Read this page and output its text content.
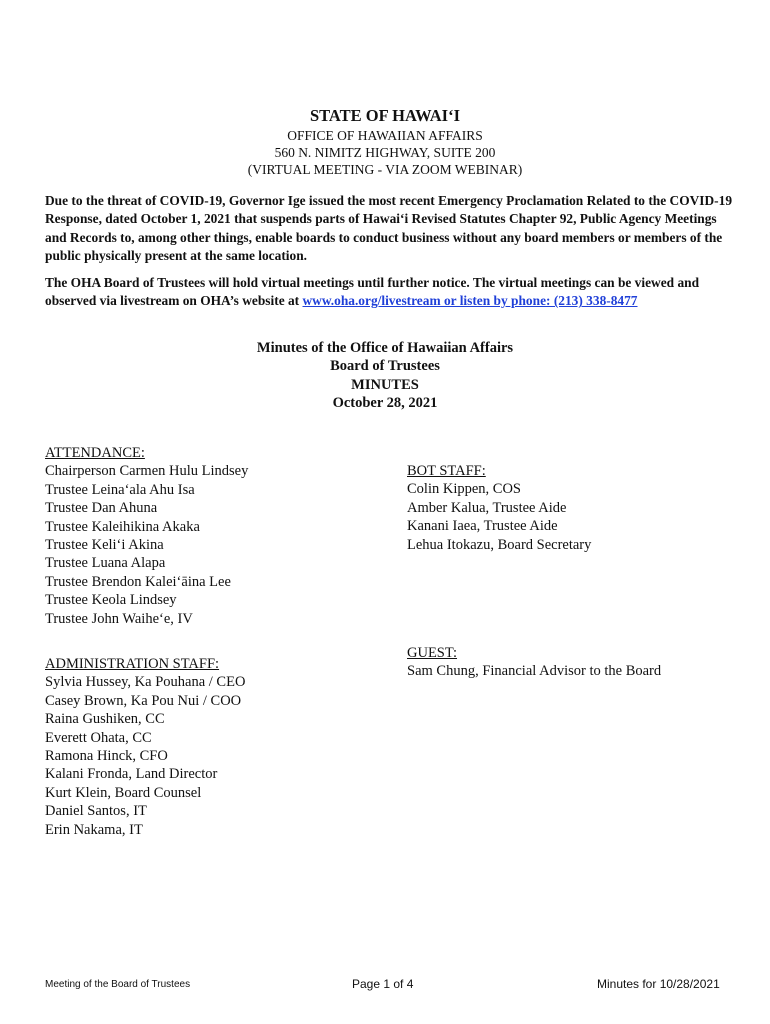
STATE OF HAWAI‘I
OFFICE OF HAWAIIAN AFFAIRS
560 N. NIMITZ HIGHWAY, SUITE 200
(VIRTUAL MEETING - VIA ZOOM WEBINAR)
Due to the threat of COVID-19, Governor Ige issued the most recent Emergency Proclamation Related to the COVID-19 Response, dated October 1, 2021 that suspends parts of Hawai‘i Revised Statutes Chapter 92, Public Agency Meetings and Records to, among other things, enable boards to conduct business without any board members or members of the public physically present at the same location.
The OHA Board of Trustees will hold virtual meetings until further notice. The virtual meetings can be viewed and observed via livestream on OHA’s website at www.oha.org/livestream or listen by phone: (213) 338-8477
Minutes of the Office of Hawaiian Affairs
Board of Trustees
MINUTES
October 28, 2021
ATTENDANCE:
Chairperson Carmen Hulu Lindsey
Trustee Leina‘ala Ahu Isa
Trustee Dan Ahuna
Trustee Kaleihikina Akaka
Trustee Keli‘i Akina
Trustee Luana Alapa
Trustee Brendon Kalei‘āina Lee
Trustee Keola Lindsey
Trustee John Waihe‘e, IV
BOT STAFF:
Colin Kippen, COS
Amber Kalua, Trustee Aide
Kanani Iaea, Trustee Aide
Lehua Itokazu, Board Secretary
GUEST:
Sam Chung, Financial Advisor to the Board
ADMINISTRATION STAFF:
Sylvia Hussey, Ka Pouhana / CEO
Casey Brown, Ka Pou Nui / COO
Raina Gushiken, CC
Everett Ohata, CC
Ramona Hinck, CFO
Kalani Fronda, Land Director
Kurt Klein, Board Counsel
Daniel Santos, IT
Erin Nakama, IT
Meeting of the Board of Trustees	Page 1 of 4	Minutes for 10/28/2021
